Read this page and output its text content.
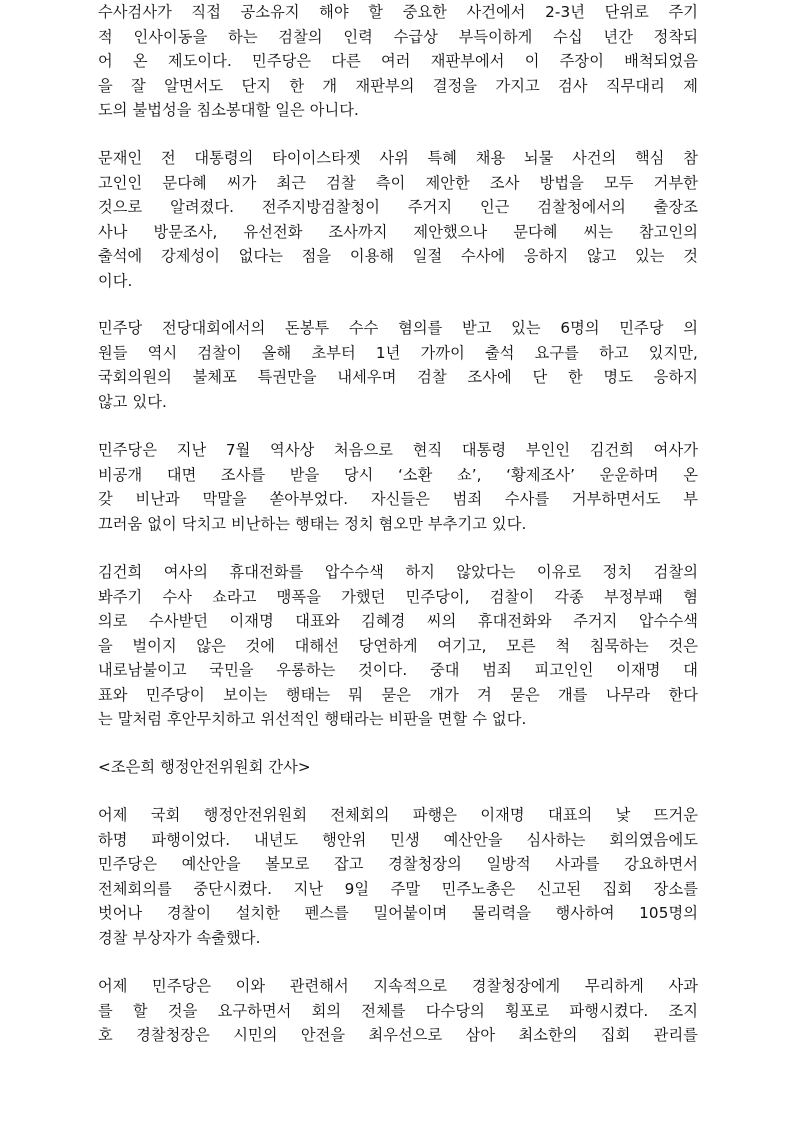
수사검사가 직접 공소유지 해야 할 중요한 사건에서 2-3년 단위로 주기
적 인사이동을 하는 검찰의 인력 수급상 부득이하게 수십 년간 정착되
어 온 제도이다. 민주당은 다른 여러 재판부에서 이 주장이 배척되었음
을 잘 알면서도 단지 한 개 재판부의 결정을 가지고 검사 직무대리 제
도의 불법성을 침소봉대할 일은 아니다.
문재인 전 대통령의 타이이스타젯 사위 특혜 채용 뇌물 사건의 핵심 참
고인인 문다혜 씨가 최근 검찰 측이 제안한 조사 방법을 모두 거부한
것으로 알려졌다. 전주지방검찰청이 주거지 인근 검찰청에서의 출장조
사나 방문조사, 유선전화 조사까지 제안했으나 문다혜 씨는 참고인의
출석에 강제성이 없다는 점을 이용해 일절 수사에 응하지 않고 있는 것
이다.
민주당 전당대회에서의 돈봉투 수수 혐의를 받고 있는 6명의 민주당 의
원들 역시 검찰이 올해 초부터 1년 가까이 출석 요구를 하고 있지만,
국회의원의 불체포 특권만을 내세우며 검찰 조사에 단 한 명도 응하지
않고 있다.
민주당은 지난 7월 역사상 처음으로 현직 대통령 부인인 김건희 여사가
비공개 대면 조사를 받을 당시 ‘소환 쇼’, ‘황제조사’ 운운하며 온
갖 비난과 막말을 쏟아부었다. 자신들은 범죄 수사를 거부하면서도 부
끄러움 없이 닥치고 비난하는 행태는 정치 혐오만 부추기고 있다.
김건희 여사의 휴대전화를 압수수색 하지 않았다는 이유로 정치 검찰의
봐주기 수사 쇼라고 맹폭을 가했던 민주당이, 검찰이 각종 부정부패 혐
의로 수사받던 이재명 대표와 김혜경 씨의 휴대전화와 주거지 압수수색
을 벌이지 않은 것에 대해선 당연하게 여기고, 모른 척 침묵하는 것은
내로남불이고 국민을 우롱하는 것이다. 중대 범죄 피고인인 이재명 대
표와 민주당이 보이는 행태는 뭐 묻은 개가 겨 묻은 개를 나무라 한다
는 말처럼 후안무치하고 위선적인 행태라는 비판을 면할 수 없다.
<조은희 행정안전위원회 간사>
어제 국회 행정안전위원회 전체회의 파행은 이재명 대표의 낯 뜨거운
하명 파행이었다. 내년도 행안위 민생 예산안을 심사하는 회의였음에도
민주당은 예산안을 볼모로 잡고 경찰청장의 일방적 사과를 강요하면서
전체회의를 중단시켰다. 지난 9일 주말 민주노총은 신고된 집회 장소를
벗어나 경찰이 설치한 펜스를 밀어붙이며 물리력을 행사하여 105명의
경찰 부상자가 속출했다.
어제 민주당은 이와 관련해서 지속적으로 경찰청장에게 무리하게 사과
를 할 것을 요구하면서 회의 전체를 다수당의 횡포로 파행시켰다. 조지
호 경찰청장은 시민의 안전을 최우선으로 삼아 최소한의 집회 관리를
